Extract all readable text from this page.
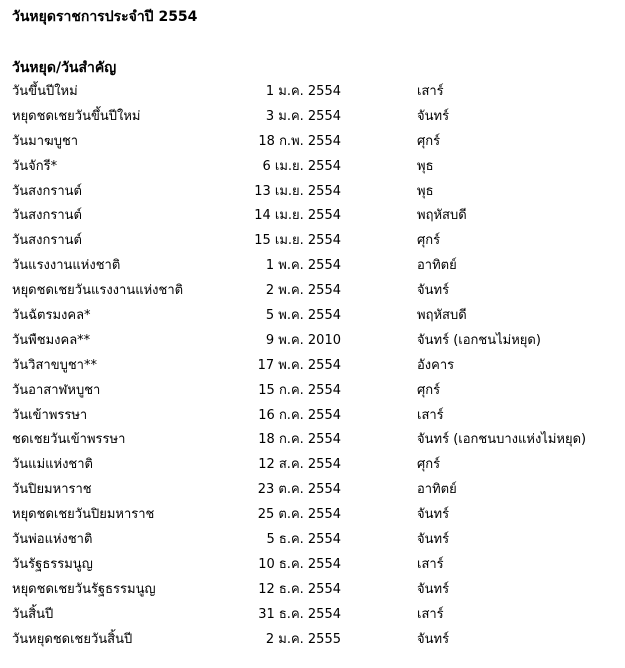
วันหยุดราชการประจำปี 2554
วันหยุด/วันสำคัญ
วันขึ้นปีใหม่	1 ม.ค. 2554	เสาร์
หยุดชดเชยวันขึ้นปีใหม่	3 ม.ค. 2554	จันทร์
วันมาฆบูชา	18 ก.พ. 2554	ศุกร์
วันจักรี*	6 เม.ย. 2554	พุธ
วันสงกรานต์	13 เม.ย. 2554	พุธ
วันสงกรานต์	14 เม.ย. 2554	พฤหัสบดี
วันสงกรานต์	15 เม.ย. 2554	ศุกร์
วันแรงงานแห่งชาติ	1 พ.ค. 2554	อาทิตย์
หยุดชดเชยวันแรงงานแห่งชาติ	2 พ.ค. 2554	จันทร์
วันฉัตรมงคล*	5 พ.ค. 2554	พฤหัสบดี
วันพืชมงคล**	9 พ.ค. 2010	จันทร์ (เอกชนไม่หยุด)
วันวิสาขบูชา**	17 พ.ค. 2554	อังคาร
วันอาสาฬหบูชา	15 ก.ค. 2554	ศุกร์
วันเข้าพรรษา	16 ก.ค. 2554	เสาร์
ชดเชยวันเข้าพรรษา	18 ก.ค. 2554	จันทร์ (เอกชนบางแห่งไม่หยุด)
วันแม่แห่งชาติ	12 ส.ค. 2554	ศุกร์
วันปิยมหาราช	23 ต.ค. 2554	อาทิตย์
หยุดชดเชยวันปิยมหาราช	25 ต.ค. 2554	จันทร์
วันพ่อแห่งชาติ	5 ธ.ค. 2554	จันทร์
วันรัฐธรรมนูญ	10 ธ.ค. 2554	เสาร์
หยุดชดเชยวันรัฐธรรมนูญ	12 ธ.ค. 2554	จันทร์
วันสิ้นปี	31 ธ.ค. 2554	เสาร์
วันหยุดชดเชยวันสิ้นปี	2 ม.ค. 2555	จันทร์
